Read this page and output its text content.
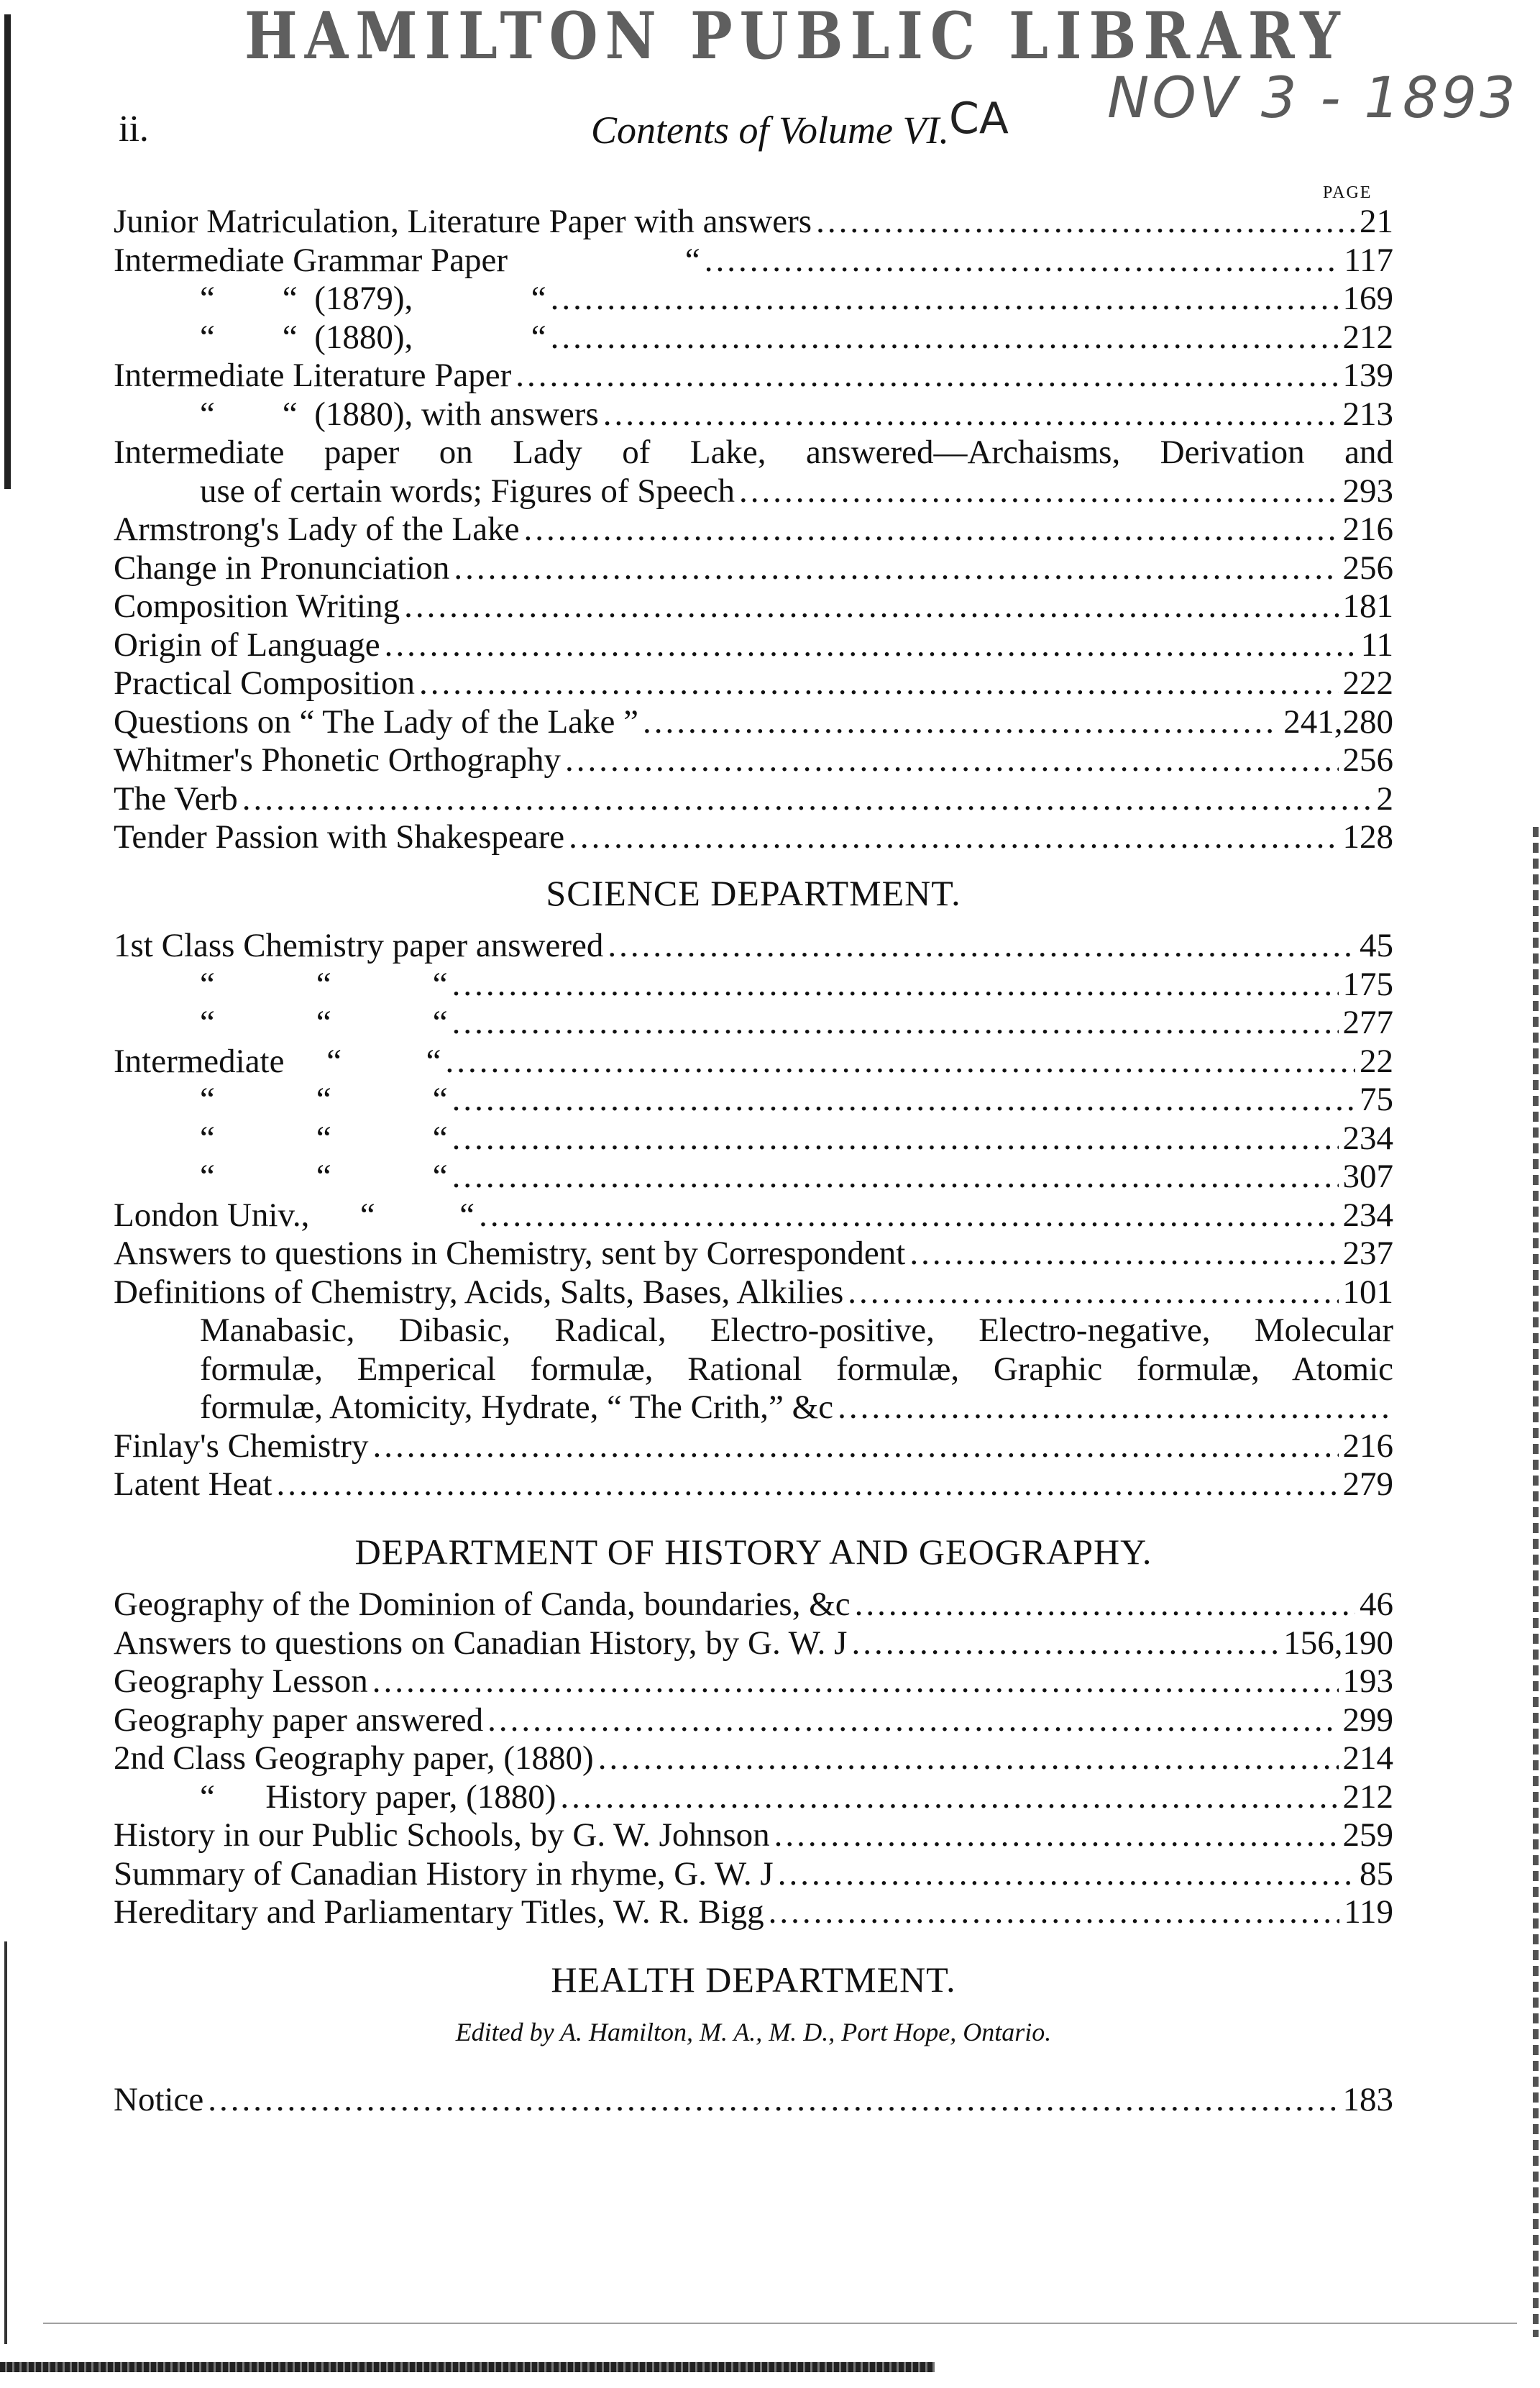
HAMILTON PUBLIC LIBRARY
NOV 3 - 1893
CA
ii.	Contents of Volume VI.
PAGE
Junior Matriculation, Literature Paper with answers .....	21
Intermediate Grammar Paper                     “ .....	117
“        “  (1879),              “ .....	169
“        “  (1880),              “ .....	212
Intermediate Literature Paper .....	139
“        “  (1880), with answers .....	213
Intermediate paper on Lady of Lake, answered—Archaisms, Derivation and
use of certain words; Figures of Speech .....	293
Armstrong's Lady of the Lake .....	216
Change in Pronunciation .....	256
Composition Writing .....	181
Origin of Language .....	11
Practical Composition .....	222
Questions on “ The Lady of the Lake ” .....	241,280
Whitmer's Phonetic Orthography .....	256
The Verb .....	2
Tender Passion with Shakespeare .....	128
SCIENCE DEPARTMENT.
1st Class Chemistry paper answered .....	45
“            “            “ .....	175
“            “            “ .....	277
Intermediate     “          “ .....	22
“            “            “ .....	75
“            “            “ .....	234
“            “            “ .....	307
London Univ.,      “          “ .....	234
Answers to questions in Chemistry, sent by Correspondent .....	237
Definitions of Chemistry, Acids, Salts, Bases, Alkilies .....	101
Manabasic, Dibasic, Radical, Electro-positive, Electro-negative, Molecular
formulæ, Emperical formulæ, Rational formulæ, Graphic formulæ, Atomic
formulæ, Atomicity, Hydrate, “ The Crith,” &c
.....
Finlay's Chemistry .....	216
Latent Heat .....	279
DEPARTMENT OF HISTORY AND GEOGRAPHY.
Geography of the Dominion of Canda, boundaries, &c .....	46
Answers to questions on Canadian History, by G. W. J .....	156,190
Geography Lesson .....	193
Geography paper answered .....	299
2nd Class Geography paper, (1880) .....	214
“      History paper, (1880) .....	212
History in our Public Schools, by G. W. Johnson .....	259
Summary of Canadian History in rhyme, G. W. J .....	85
Hereditary and Parliamentary Titles, W. R. Bigg .....	119
HEALTH DEPARTMENT.
Edited by A. Hamilton, M. A., M. D., Port Hope, Ontario.
Notice .....	183
